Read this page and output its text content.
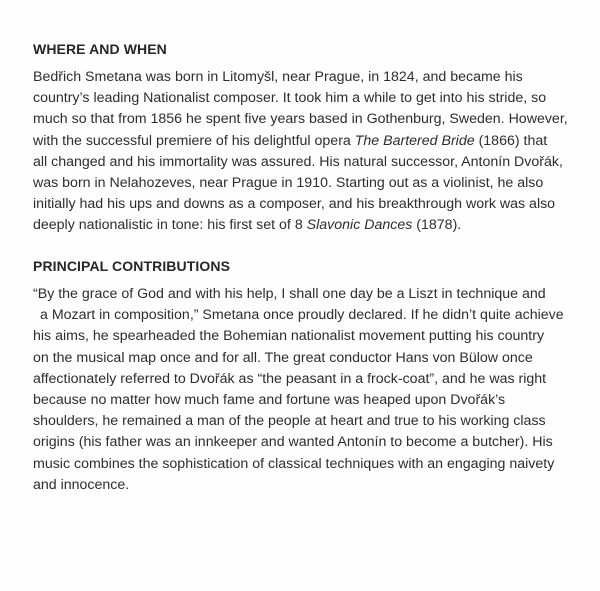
WHERE AND WHEN

Bedřich Smetana was born in Litomyšl, near Prague, in 1824, and became his
country’s leading Nationalist composer. It took him a while to get into his stride, so
much so that from 1856 he spent five years based in Gothenburg, Sweden. However,
with the successful premiere of his delightful opera The Bartered Bride (1866) that
all changed and his immortality was assured. His natural successor, Antonín Dvořák,
was born in Nelahozeves, near Prague in 1910. Starting out as a violinist, he also
initially had his ups and downs as a composer, and his breakthrough work was also
deeply nationalistic in tone: his first set of 8 Slavonic Dances (1878).

PRINCIPAL CONTRIBUTIONS

“By the grace of God and with his help, I shall one day be a Liszt in technique and
a Mozart in composition,” Smetana once proudly declared. If he didn’t quite achieve
his aims, he spearheaded the Bohemian nationalist movement putting his country
on the musical map once and for all. The great conductor Hans von Bülow once
affectionately referred to Dvořák as “the peasant in a frock-coat”, and he was right
because no matter how much fame and fortune was heaped upon Dvořák’s
shoulders, he remained a man of the people at heart and true to his working class
origins (his father was an innkeeper and wanted Antonín to become a butcher). His
music combines the sophistication of classical techniques with an engaging naivety
and innocence.
